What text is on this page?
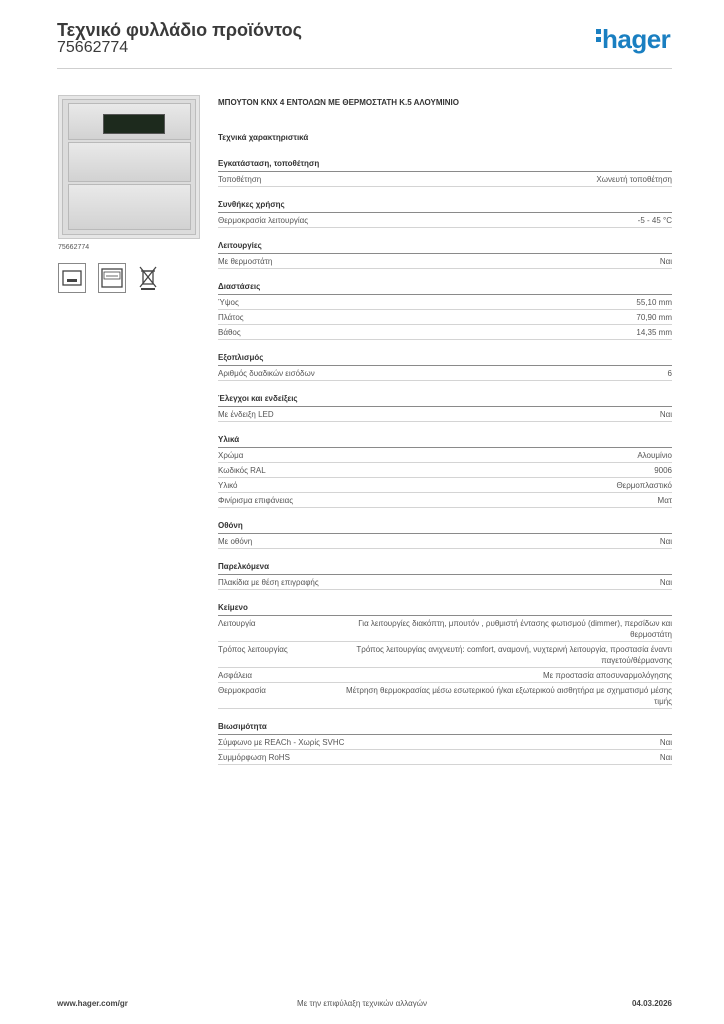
Τεχνικό φυλλάδιο προϊόντος
75662774	hager
75662774
ΜΠΟΥΤΟΝ KNX 4 ΕΝΤΟΛΩΝ ΜΕ ΘΕΡΜΟΣΤΑΤΗ Κ.5 ΑΛΟΥΜΙΝΙΟ
Τεχνικά χαρακτηριστικά
Εγκατάσταση, τοποθέτηση
Τοποθέτηση	Χωνευτή τοποθέτηση
Συνθήκες χρήσης
Θερμοκρασία λειτουργίας	-5 - 45 °C
Λειτουργίες
Με θερμοστάτη	Ναι
Διαστάσεις
Ύψος	55,10 mm
Πλάτος	70,90 mm
Βάθος	14,35 mm
Εξοπλισμός
Αριθμός δυαδικών εισόδων	6
Έλεγχοι και ενδείξεις
Με ένδειξη LED	Ναι
Υλικά
Χρώμα	Αλουμίνιο
Κωδικός RAL	9006
Υλικό	Θερμοπλαστικό
Φινίρισμα επιφάνειας	Ματ
Οθόνη
Με οθόνη	Ναι
Παρελκόμενα
Πλακίδια με θέση επιγραφής	Ναι
Κείμενο
Λειτουργία	Για λειτουργίες διακόπτη, μπουτόν , ρυθμιστή έντασης φωτισμού (dimmer), περσίδων και θερμοστάτη
Τρόπος λειτουργίας	Τρόπος λειτουργίας ανιχνευτή: comfort, αναμονή, νυχτερινή λειτουργία, προστασία έναντι παγετού/θέρμανσης
Ασφάλεια	Με προστασία αποσυναρμολόγησης
Θερμοκρασία	Μέτρηση θερμοκρασίας μέσω εσωτερικού ή/και εξωτερικού αισθητήρα με σχηματισμό μέσης τιμής
Βιωσιμότητα
Σύμφωνο με REACh - Χωρίς SVHC	Ναι
Συμμόρφωση RoHS	Ναι
Με την επιφύλαξη τεχνικών αλλαγών
www.hager.com/gr	04.03.2026
